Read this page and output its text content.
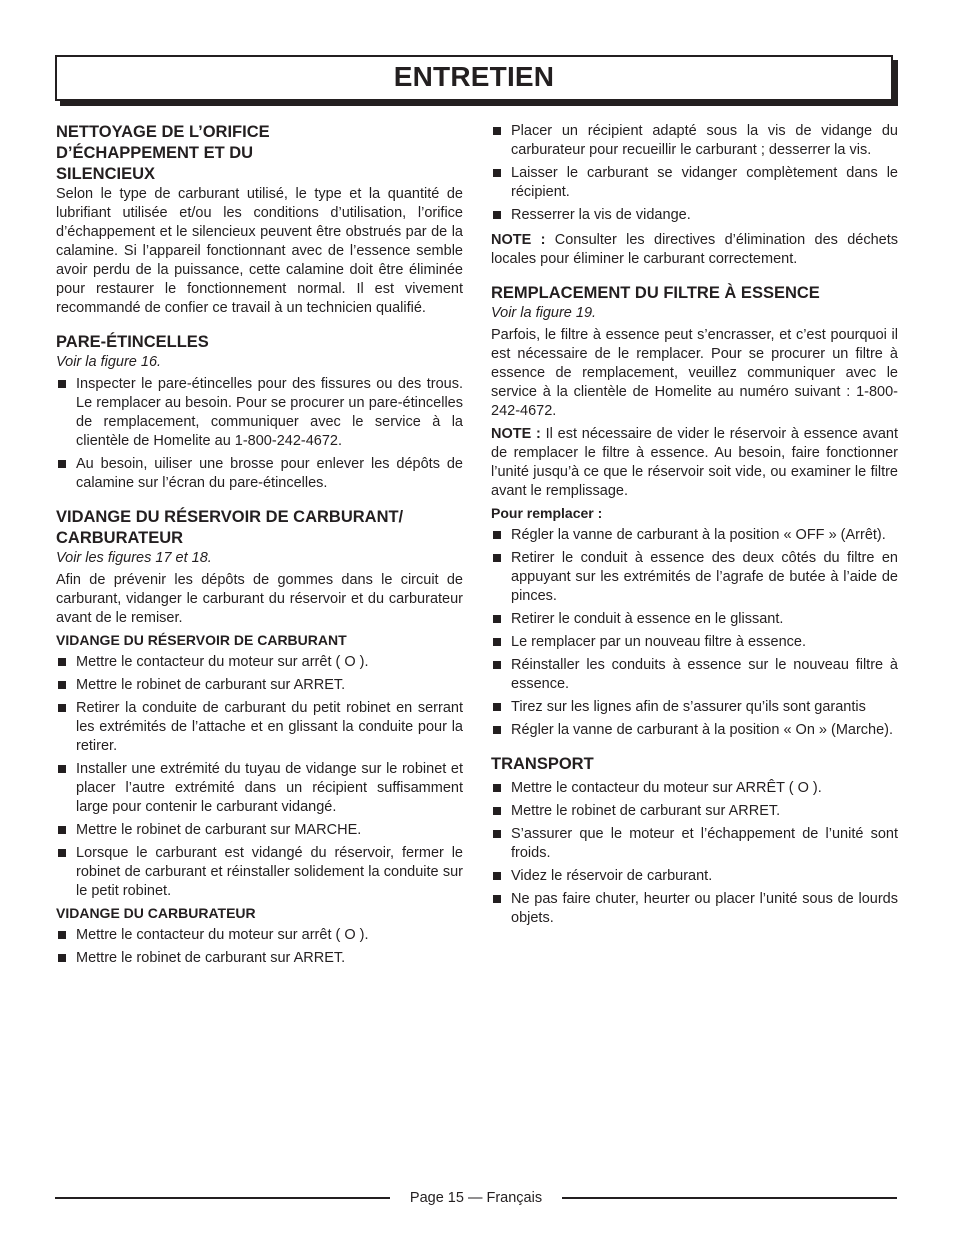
ENTRETIEN
NETTOYAGE DE L’ORIFICE D’ÉCHAPPEMENT ET DU SILENCIEUX

Selon le type de carburant utilisé, le type et la quantité de lubrifiant utilisée et/ou les conditions d’utilisation, l’orifice d’échappement et le silencieux peuvent être obstrués par de la calamine. Si l’appareil fonctionnant avec de l’essence semble avoir perdu de la puissance, cette calamine doit être éliminée pour restaurer le fonctionnement normal. Il est vivement recommandé de confier ce travail à un technicien qualifié.

PARE-ÉTINCELLES
Voir la figure 16.
Inspecter le pare-étincelles pour des fissures ou des trous. Le remplacer au besoin. Pour se procurer un pare-étincelles de remplacement, communiquer avec le service à la clientèle de Homelite au 1-800-242-4672.
Au besoin, uiliser une brosse pour enlever les dépôts de calamine sur l’écran du pare-étincelles.
VIDANGE DU RÉSERVOIR DE CARBURANT/ CARBURATEUR
Voir les figures 17 et 18.

Afin de prévenir les dépôts de gommes dans le circuit de carburant, vidanger le carburant du réservoir et du carburateur avant de le remiser.

VIDANGE DU RÉSERVOIR DE CARBURANT
Mettre le contacteur du moteur sur arrêt ( O ).
Mettre le robinet de carburant sur ARRET.
Retirer la conduite de carburant du petit robinet en serrant les extrémités de l’attache et en glissant la conduite pour la retirer.
Installer une extrémité du tuyau de vidange sur le robinet et placer l’autre extrémité dans un récipient suffisamment large pour contenir le carburant vidangé.
Mettre le robinet de carburant sur MARCHE.
Lorsque le carburant est vidangé du réservoir, fermer le robinet de carburant et réinstaller solidement la conduite sur le petit robinet.
VIDANGE DU CARBURATEUR
Mettre le contacteur du moteur sur arrêt ( O ).
Mettre le robinet de carburant sur ARRET.
Placer un récipient adapté sous la vis de vidange du carburateur pour recueillir le carburant ; desserrer la vis.
Laisser le carburant se vidanger complètement dans le récipient.
Resserrer la vis de vidange.

NOTE : Consulter les directives d’élimination des déchets locales pour éliminer le carburant correctement.

REMPLACEMENT DU FILTRE À ESSENCE
Voir la figure 19.

Parfois, le filtre à essence peut s’encrasser, et c’est pourquoi il est nécessaire de le remplacer. Pour se procurer un filtre à essence de remplacement, veuillez communiquer avec le service à la clientèle de Homelite au numéro suivant : 1-800-242-4672.

NOTE : Il est nécessaire de vider le réservoir à essence avant de remplacer le filtre à essence. Au besoin, faire fonctionner l’unité jusqu’à ce que le réservoir soit vide, ou examiner le filtre avant le remplissage.

Pour remplacer :
Régler la vanne de carburant à la position « OFF » (Arrêt).
Retirer le conduit à essence des deux côtés du filtre en appuyant sur les extrémités de l’agrafe de butée à l’aide de pinces.
Retirer le conduit à essence en le glissant.
Le remplacer par un nouveau filtre à essence.
Réinstaller les conduits à essence sur le nouveau filtre à essence.
Tirez sur les lignes afin de s’assurer qu’ils sont garantis
Régler la vanne de carburant à la position « On » (Marche).
TRANSPORT
Mettre le contacteur du moteur sur ARRÊT ( O ).
Mettre le robinet de carburant sur ARRET.
S’assurer que le moteur et l’échappement de l’unité sont froids.
Videz le réservoir de carburant.
Ne pas faire chuter, heurter ou placer l’unité sous de lourds objets.
Page 15 — Français
